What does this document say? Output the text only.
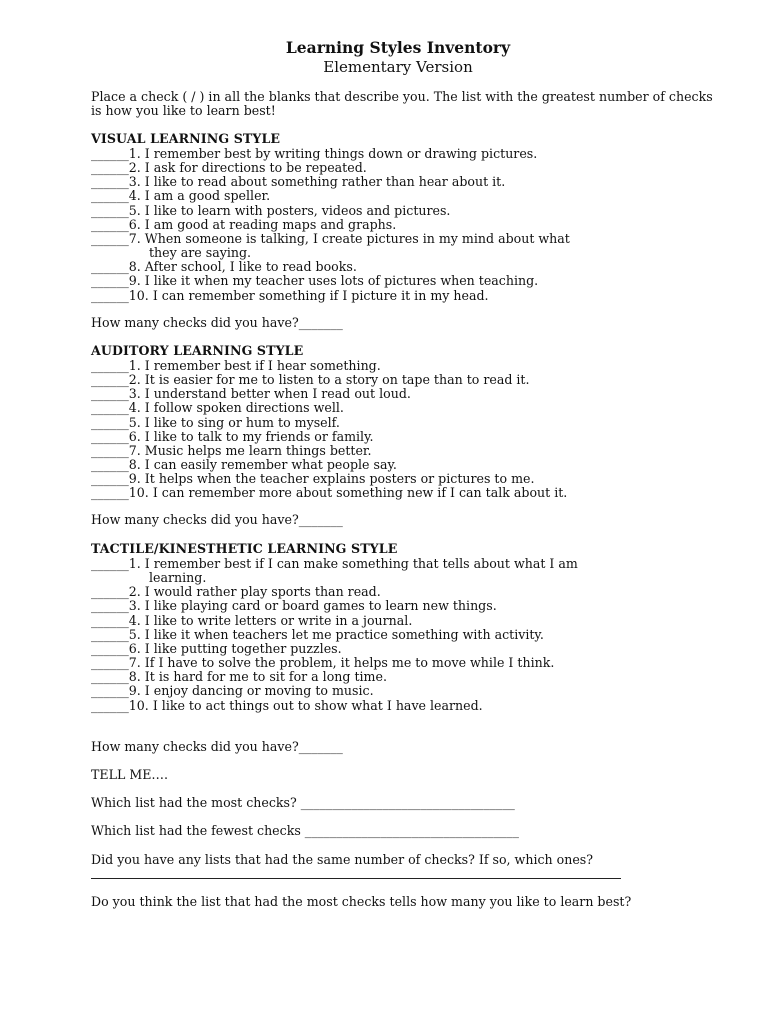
Learning Styles Inventory
Elementary Version
Place a check ( / ) in all the blanks that describe you. The list with the greatest number of checks is how you like to learn best!
VISUAL LEARNING STYLE
______1. I remember best by writing things down or drawing pictures.
______2. I ask for directions to be repeated.
______3. I like to read about something rather than hear about it.
______4. I am a good speller.
______5. I like to learn with posters, videos and pictures.
______6. I am good at reading maps and graphs.
______7. When someone is talking, I create pictures in my mind about what
they are saying.
______8. After school, I like to read books.
______9. I like it when my teacher uses lots of pictures when teaching.
______10. I can remember something if I picture it in my head.
How many checks did you have?_______
AUDITORY LEARNING STYLE
______1. I remember best if I hear something.
______2. It is easier for me to listen to a story on tape than to read it.
______3. I understand better when I read out loud.
______4. I follow spoken directions well.
______5. I like to sing or hum to myself.
______6. I like to talk to my friends or family.
______7. Music helps me learn things better.
______8. I can easily remember what people say.
______9. It helps when the teacher explains posters or pictures to me.
______10. I can remember more about something new if I can talk about it.
How many checks did you have?_______
TACTILE/KINESTHETIC LEARNING STYLE
______1. I remember best if I can make something that tells about what I am
learning.
______2. I would rather play sports than read.
______3. I like playing card or board games to learn new things.
______4. I like to write letters or write in a journal.
______5. I like it when teachers let me practice something with activity.
______6. I like putting together puzzles.
______7. If I have to solve the problem, it helps me to move while I think.
______8. It is hard for me to sit for a long time.
______9. I enjoy dancing or moving to music.
______10. I like to act things out to show what I have learned.
How many checks did you have?_______
TELL ME….
Which list had the most checks? __________________________________
Which list had the fewest checks __________________________________
Did you have any lists that had the same number of checks? If so, which ones?
Do you think the list that had the most checks tells how many you like to learn best?
